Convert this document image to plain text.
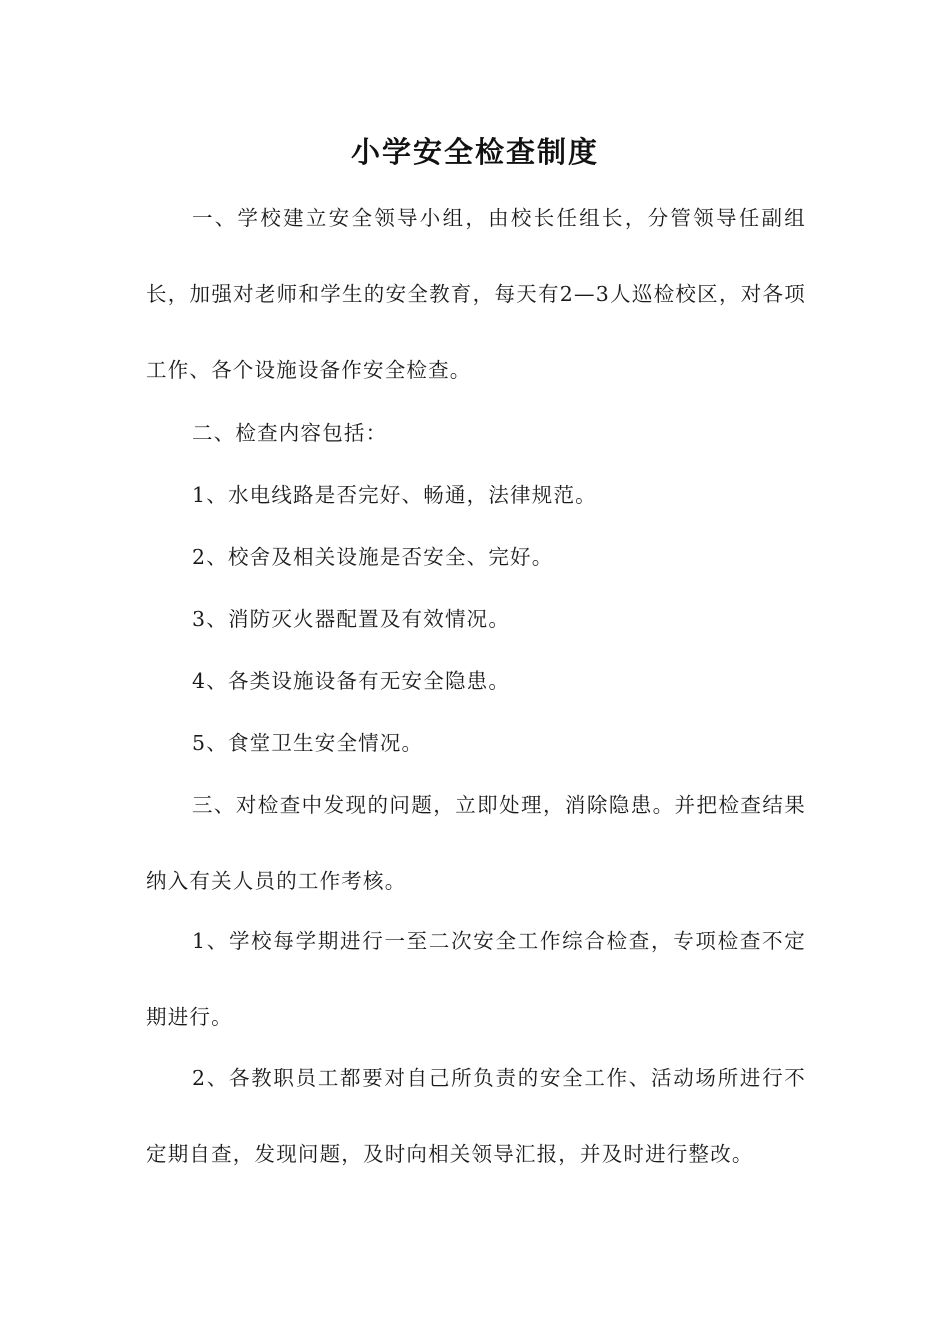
小学安全检查制度

一、学校建立安全领导小组，由校长任组长，分管领导任副组长，加强对老师和学生的安全教育，每天有2—3人巡检校区，对各项工作、各个设施设备作安全检查。

二、检查内容包括：

1、水电线路是否完好、畅通，法律规范。

2、校舍及相关设施是否安全、完好。

3、消防灭火器配置及有效情况。

4、各类设施设备有无安全隐患。

5、食堂卫生安全情况。

三、对检查中发现的问题，立即处理，消除隐患。并把检查结果纳入有关人员的工作考核。

1、学校每学期进行一至二次安全工作综合检查，专项检查不定期进行。

2、各教职员工都要对自己所负责的安全工作、活动场所进行不定期自查，发现问题，及时向相关领导汇报，并及时进行整改。
